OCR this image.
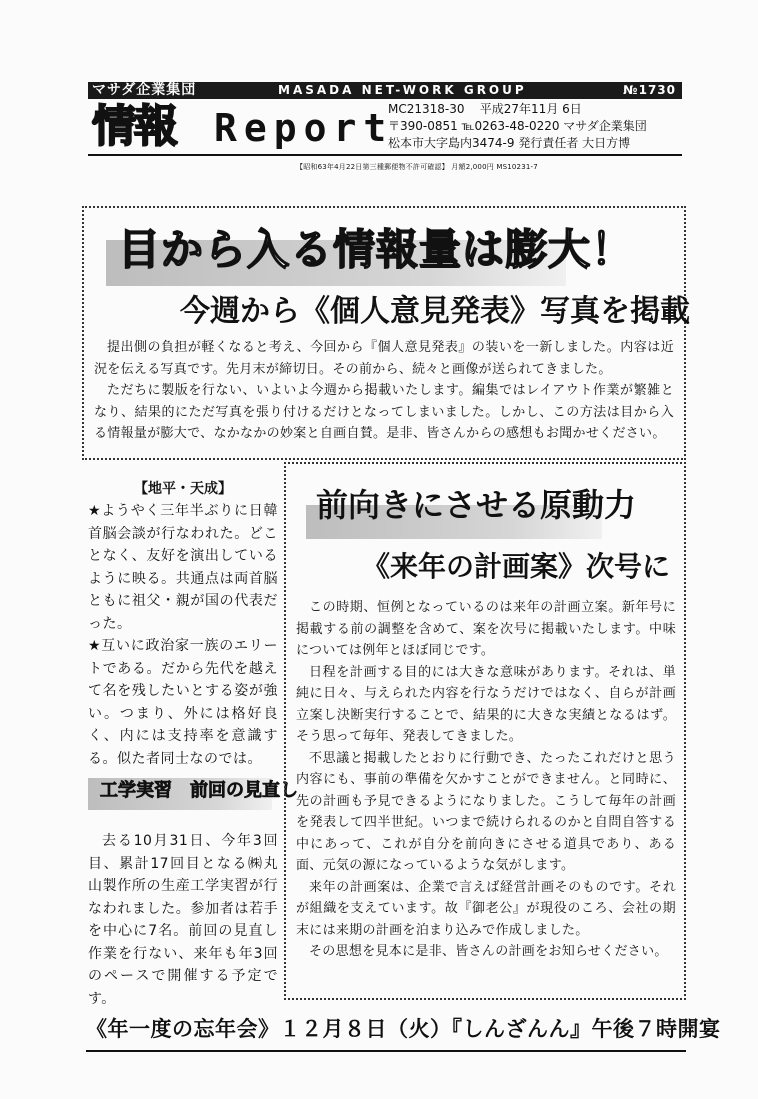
マサダ企業集団	MASADA NET-WORK GROUP	№1730
情報 Report
MC21318-30 平成27年11月 6日
〒390-0851 ℡0263-48-0220 マサダ企業集団
松本市大字島内3474-9 発行責任者 大日方博
【昭和63年4月22日第三種郵便物不許可確認】 月額2,000円 MS10231-7
目から入る情報量は膨大！
今週から《個人意見発表》写真を掲載

提出側の負担が軽くなると考え、今回から『個人意見発表』の装いを一新しました。内容は近況を伝える写真です。先月末が締切日。その前から、続々と画像が送られてきました。

ただちに製版を行ない、いよいよ今週から掲載いたします。編集ではレイアウト作業が繁雑となり、結果的にただ写真を張り付けるだけとなってしまいました。しかし、この方法は目から入る情報量が膨大で、なかなかの妙案と自画自賛。是非、皆さんからの感想もお聞かせください。

【地平・天成】

★ようやく三年半ぶりに日韓首脳会談が行なわれた。どことなく、友好を演出しているように映る。共通点は両首脳ともに祖父・親が国の代表だった。

★互いに政治家一族のエリートである。だから先代を越えて名を残したいとする姿が強い。つまり、外には格好良く、内には支持率を意識する。似た者同士なのでは。

工学実習　前回の見直し

去る10月31日、今年3回目、累計17回目となる㈱丸山製作所の生産工学実習が行なわれました。参加者は若手を中心に7名。前回の見直し作業を行ない、来年も年3回のペースで開催する予定です。

前向きにさせる原動力
《来年の計画案》次号に

この時期、恒例となっているのは来年の計画立案。新年号に掲載する前の調整を含めて、案を次号に掲載いたします。中味については例年とほぼ同じです。

日程を計画する目的には大きな意味があります。それは、単純に日々、与えられた内容を行なうだけではなく、自らが計画立案し決断実行することで、結果的に大きな実績となるはず。そう思って毎年、発表してきました。

不思議と掲載したとおりに行動でき、たったこれだけと思う内容にも、事前の準備を欠かすことができません。と同時に、先の計画も予見できるようになりました。こうして毎年の計画を発表して四半世紀。いつまで続けられるのかと自問自答する中にあって、これが自分を前向きにさせる道具であり、ある面、元気の源になっているような気がします。

来年の計画案は、企業で言えば経営計画そのものです。それが組織を支えています。故『御老公』が現役のころ、会社の期末には来期の計画を泊まり込みで作成しました。

その思想を見本に是非、皆さんの計画をお知らせください。

《年一度の忘年会》１２月８日（火）『しんざんん』午後７時開宴
